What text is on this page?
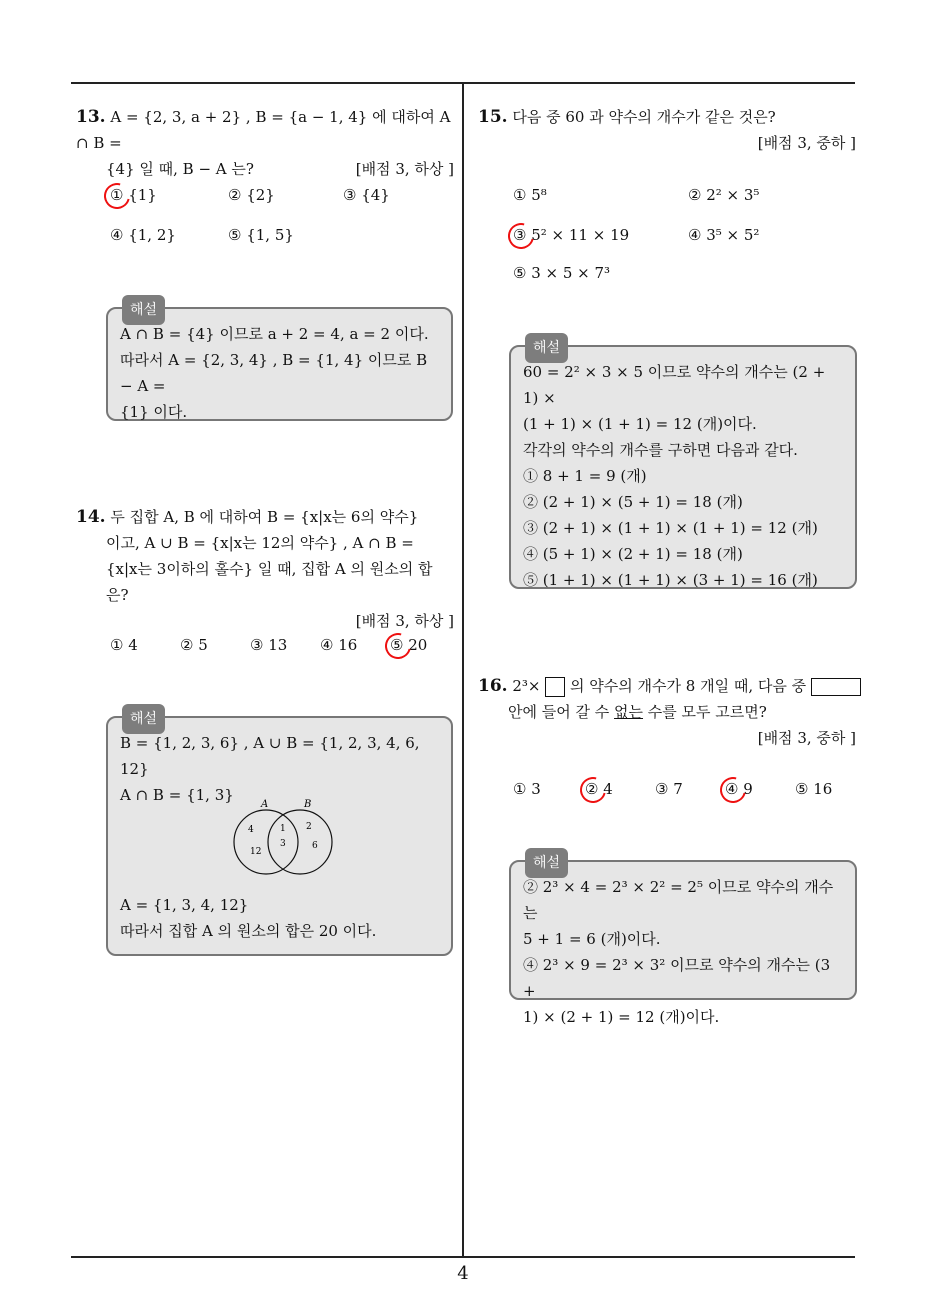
13. A = {2, 3, a + 2} , B = {a − 1, 4} 에 대하여 A ∩ B =
{4} 일 때, B − A 는?	[배점 3, 하상 ]
① {1}	② {2}	③ {4}
④ {1, 2}	⑤ {1, 5}
해설

A ∩ B = {4} 이므로 a + 2 = 4, a = 2 이다.

따라서 A = {2, 3, 4} , B = {1, 4} 이므로 B − A =

{1} 이다.

14. 두 집합 A, B 에 대하여 B = {x|x는 6의 약수}
이고, A ∪ B = {x|x는 12의 약수} , A ∩ B =
{x|x는 3이하의 홀수} 일 때, 집합 A 의 원소의 합은?
[배점 3, 하상 ]
① 4	② 5	③ 13 ④ 16 ⑤ 20
해설

B = {1, 2, 3, 6} , A ∪ B = {1, 2, 3, 4, 6, 12}

A ∩ B = {1, 3}

A	B
4
12
1
3
2
6

A = {1, 3, 4, 12}

따라서 집합 A 의 원소의 합은 20 이다.

15. 다음 중 60 과 약수의 개수가 같은 것은?
[배점 3, 중하 ]
① 5⁸	② 2² × 3⁵
③ 5² × 11 × 19	④ 3⁵ × 5²
⑤ 3 × 5 × 7³
해설

60 = 2² × 3 × 5 이므로 약수의 개수는 (2 + 1) ×

(1 + 1) × (1 + 1) = 12 (개)이다.

각각의 약수의 개수를 구하면 다음과 같다.

① 8 + 1 = 9 (개)

② (2 + 1) × (5 + 1) = 18 (개)

③ (2 + 1) × (1 + 1) × (1 + 1) = 12 (개)

④ (5 + 1) × (2 + 1) = 18 (개)

⑤ (1 + 1) × (1 + 1) × (3 + 1) = 16 (개)

16. 2³× 의 약수의 개수가 8 개일 때, 다음 중
안에 들어 갈 수 없는 수를 모두 고르면?
[배점 3, 중하 ]
① 3	② 4	③ 7	④ 9	⑤ 16
해설

② 2³ × 4 = 2³ × 2² = 2⁵ 이므로 약수의 개수는

5 + 1 = 6 (개)이다.

④ 2³ × 9 = 2³ × 3² 이므로 약수의 개수는 (3 +

1) × (2 + 1) = 12 (개)이다.

4
